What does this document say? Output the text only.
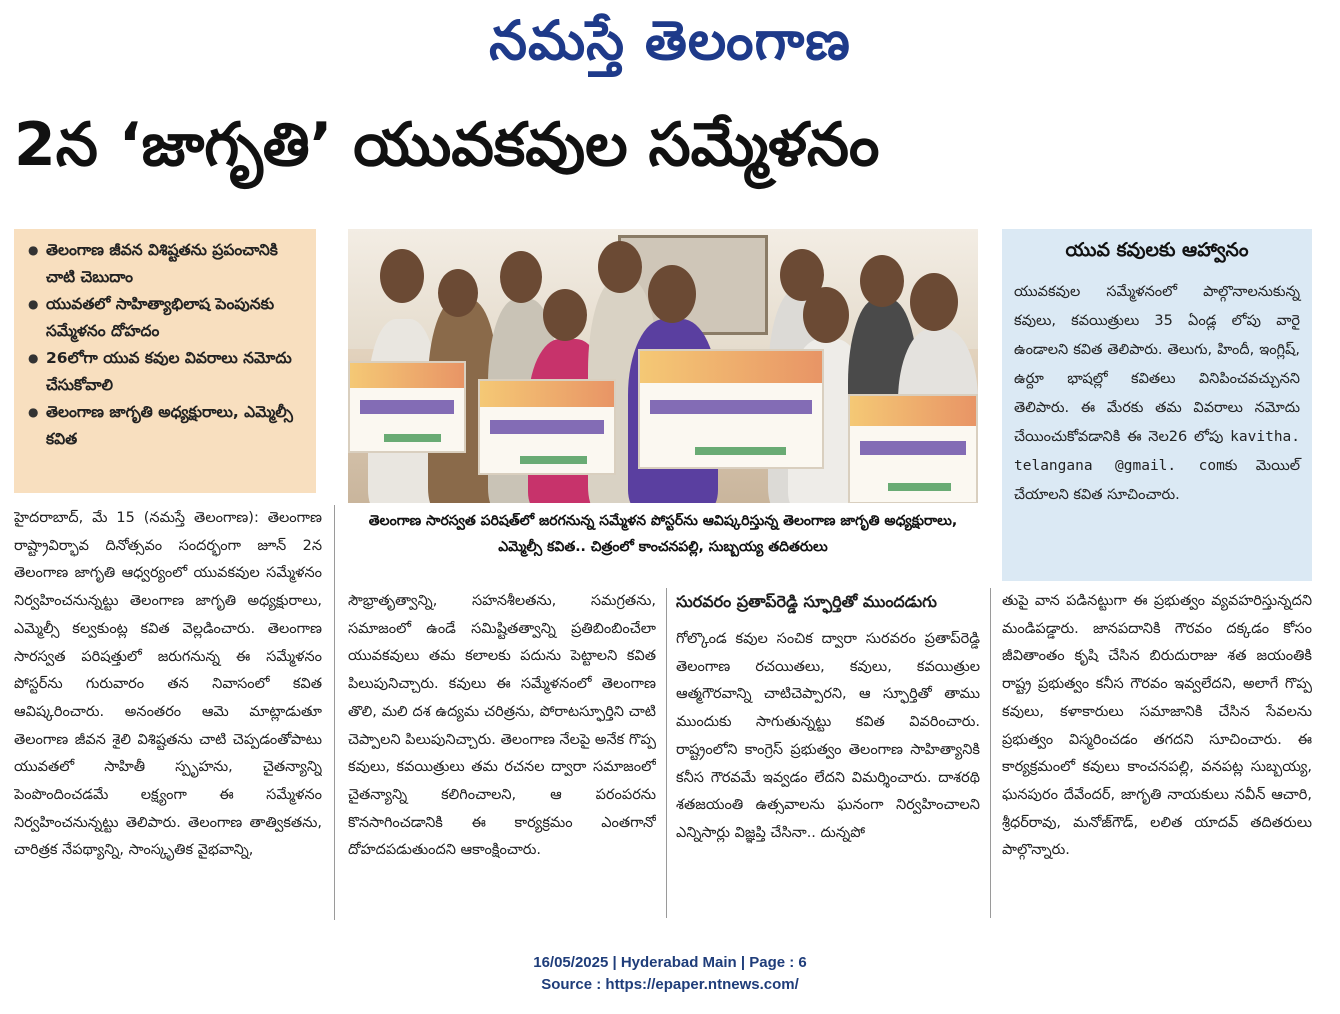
నమస్తే తెలంగాణ
2న ‘జాగృతి’ యువకవుల సమ్మేళనం
● తెలంగాణ జీవన విశిష్టతను ప్రపంచానికి చాటి చెబుదాం
● యువతలో సాహిత్యాభిలాష పెంపునకు సమ్మేళనం దోహదం
● 26లోగా యువ కవుల వివరాలు నమోదు చేసుకోవాలి
● తెలంగాణ జాగృతి అధ్యక్షురాలు, ఎమ్మెల్సీ కవిత
తెలంగాణ సారస్వత పరిషత్‌లో జరగనున్న సమ్మేళన పోస్టర్‌ను ఆవిష్కరిస్తున్న తెలంగాణ జాగృతి అధ్యక్షురాలు, ఎమ్మెల్సీ కవిత.. చిత్రంలో కాంచనపల్లి, సుబ్బయ్య తదితరులు
యువ కవులకు ఆహ్వానం
యువకవుల సమ్మేళనంలో పాల్గొనాలనుకున్న కవులు, కవయిత్రులు 35 ఏండ్ల లోపు వారై ఉండాలని కవిత తెలిపారు. తెలుగు, హిందీ, ఇంగ్లిష్‌, ఉర్దూ భాషల్లో కవితలు వినిపించవచ్చునని తెలిపారు. ఈ మేరకు తమ వివరాలు నమోదు చేయించుకోవడానికి ఈ నెల26 లోపు kavitha. telangana @gmail. comకు మెయిల్‌ చేయాలని కవిత సూచించారు.
హైదరాబాద్‌, మే 15 (నమస్తే తెలంగాణ): తెలంగాణ రాష్ట్రావిర్భావ దినోత్సవం సందర్భంగా జూన్‌ 2న తెలంగాణ జాగృతి ఆధ్వర్యంలో యువకవుల సమ్మేళనం నిర్వహించనున్నట్టు తెలంగాణ జాగృతి అధ్యక్షురాలు, ఎమ్మెల్సీ కల్వకుంట్ల కవిత వెల్లడించారు. తెలంగాణ సారస్వత పరిషత్తులో జరుగనున్న ఈ సమ్మేళనం పోస్టర్‌ను గురువారం తన నివాసంలో కవిత ఆవిష్కరించారు. అనంతరం ఆమె మాట్లాడుతూ తెలంగాణ జీవన శైలి విశిష్టతను చాటి చెప్పడంతోపాటు యువతలో సాహితీ స్పృహను, చైతన్యాన్ని పెంపొందించడమే లక్ష్యంగా ఈ సమ్మేళనం నిర్వహించనున్నట్టు తెలిపారు. తెలంగాణ తాత్వికతను, చారిత్రక నేపథ్యాన్ని, సాంస్కృతిక వైభవాన్ని,
సౌభ్రాతృత్వాన్ని, సహనశీలతను, సమగ్రతను, సమాజంలో ఉండే సమిష్టితత్వాన్ని ప్రతిబింబించేలా యువకవులు తమ కలాలకు పదును పెట్టాలని కవిత పిలుపునిచ్చారు. కవులు ఈ సమ్మేళనంలో తెలంగాణ తొలి, మలి దశ ఉద్యమ చరిత్రను, పోరాటస్ఫూర్తిని చాటి చెప్పాలని పిలుపునిచ్చారు. తెలంగాణ నేలపై అనేక గొప్ప కవులు, కవయిత్రులు తమ రచనల ద్వారా సమాజంలో చైతన్యాన్ని కలిగించాలని, ఆ పరంపరను కొనసాగించడానికి ఈ కార్యక్రమం ఎంతగానో దోహదపడుతుందని ఆకాంక్షించారు.
సురవరం ప్రతాప్‌రెడ్డి స్ఫూర్తితో ముందడుగు
గోల్కొండ కవుల సంచిక ద్వారా సురవరం ప్రతాప్‌రెడ్డి తెలంగాణ రచయితలు, కవులు, కవయిత్రుల ఆత్మగౌరవాన్ని చాటిచెప్పారని, ఆ స్ఫూర్తితో తాము ముందుకు సాగుతున్నట్టు కవిత వివరించారు. రాష్ట్రంలోని కాంగ్రెస్‌ ప్రభుత్వం తెలంగాణ సాహిత్యానికి కనీస గౌరవమే ఇవ్వడం లేదని విమర్శించారు. దాశరథి శతజయంతి ఉత్సవాలను ఘనంగా నిర్వహించాలని ఎన్నిసార్లు విజ్ఞప్తి చేసినా.. దున్నపో
తుపై వాన పడినట్టుగా ఈ ప్రభుత్వం వ్యవహరిస్తున్నదని మండిపడ్డారు. జానపదానికి గౌరవం దక్కడం కోసం జీవితాంతం కృషి చేసిన బిరుదురాజు శత జయంతికి రాష్ట్ర ప్రభుత్వం కనీస గౌరవం ఇవ్వలేదని, అలాగే గొప్ప కవులు, కళాకారులు సమాజానికి చేసిన సేవలను ప్రభుత్వం విస్మరించడం తగదని సూచించారు. ఈ కార్యక్రమంలో కవులు కాంచనపల్లి, వనపట్ల సుబ్బయ్య, ఘనపురం దేవేందర్‌, జాగృతి నాయకులు నవీన్‌ ఆచారి, శ్రీధర్‌రావు, మనోజ్‌గౌడ్‌, లలిత యాదవ్‌ తదితరులు పాల్గొన్నారు.
16/05/2025 | Hyderabad Main | Page : 6
Source : https://epaper.ntnews.com/
